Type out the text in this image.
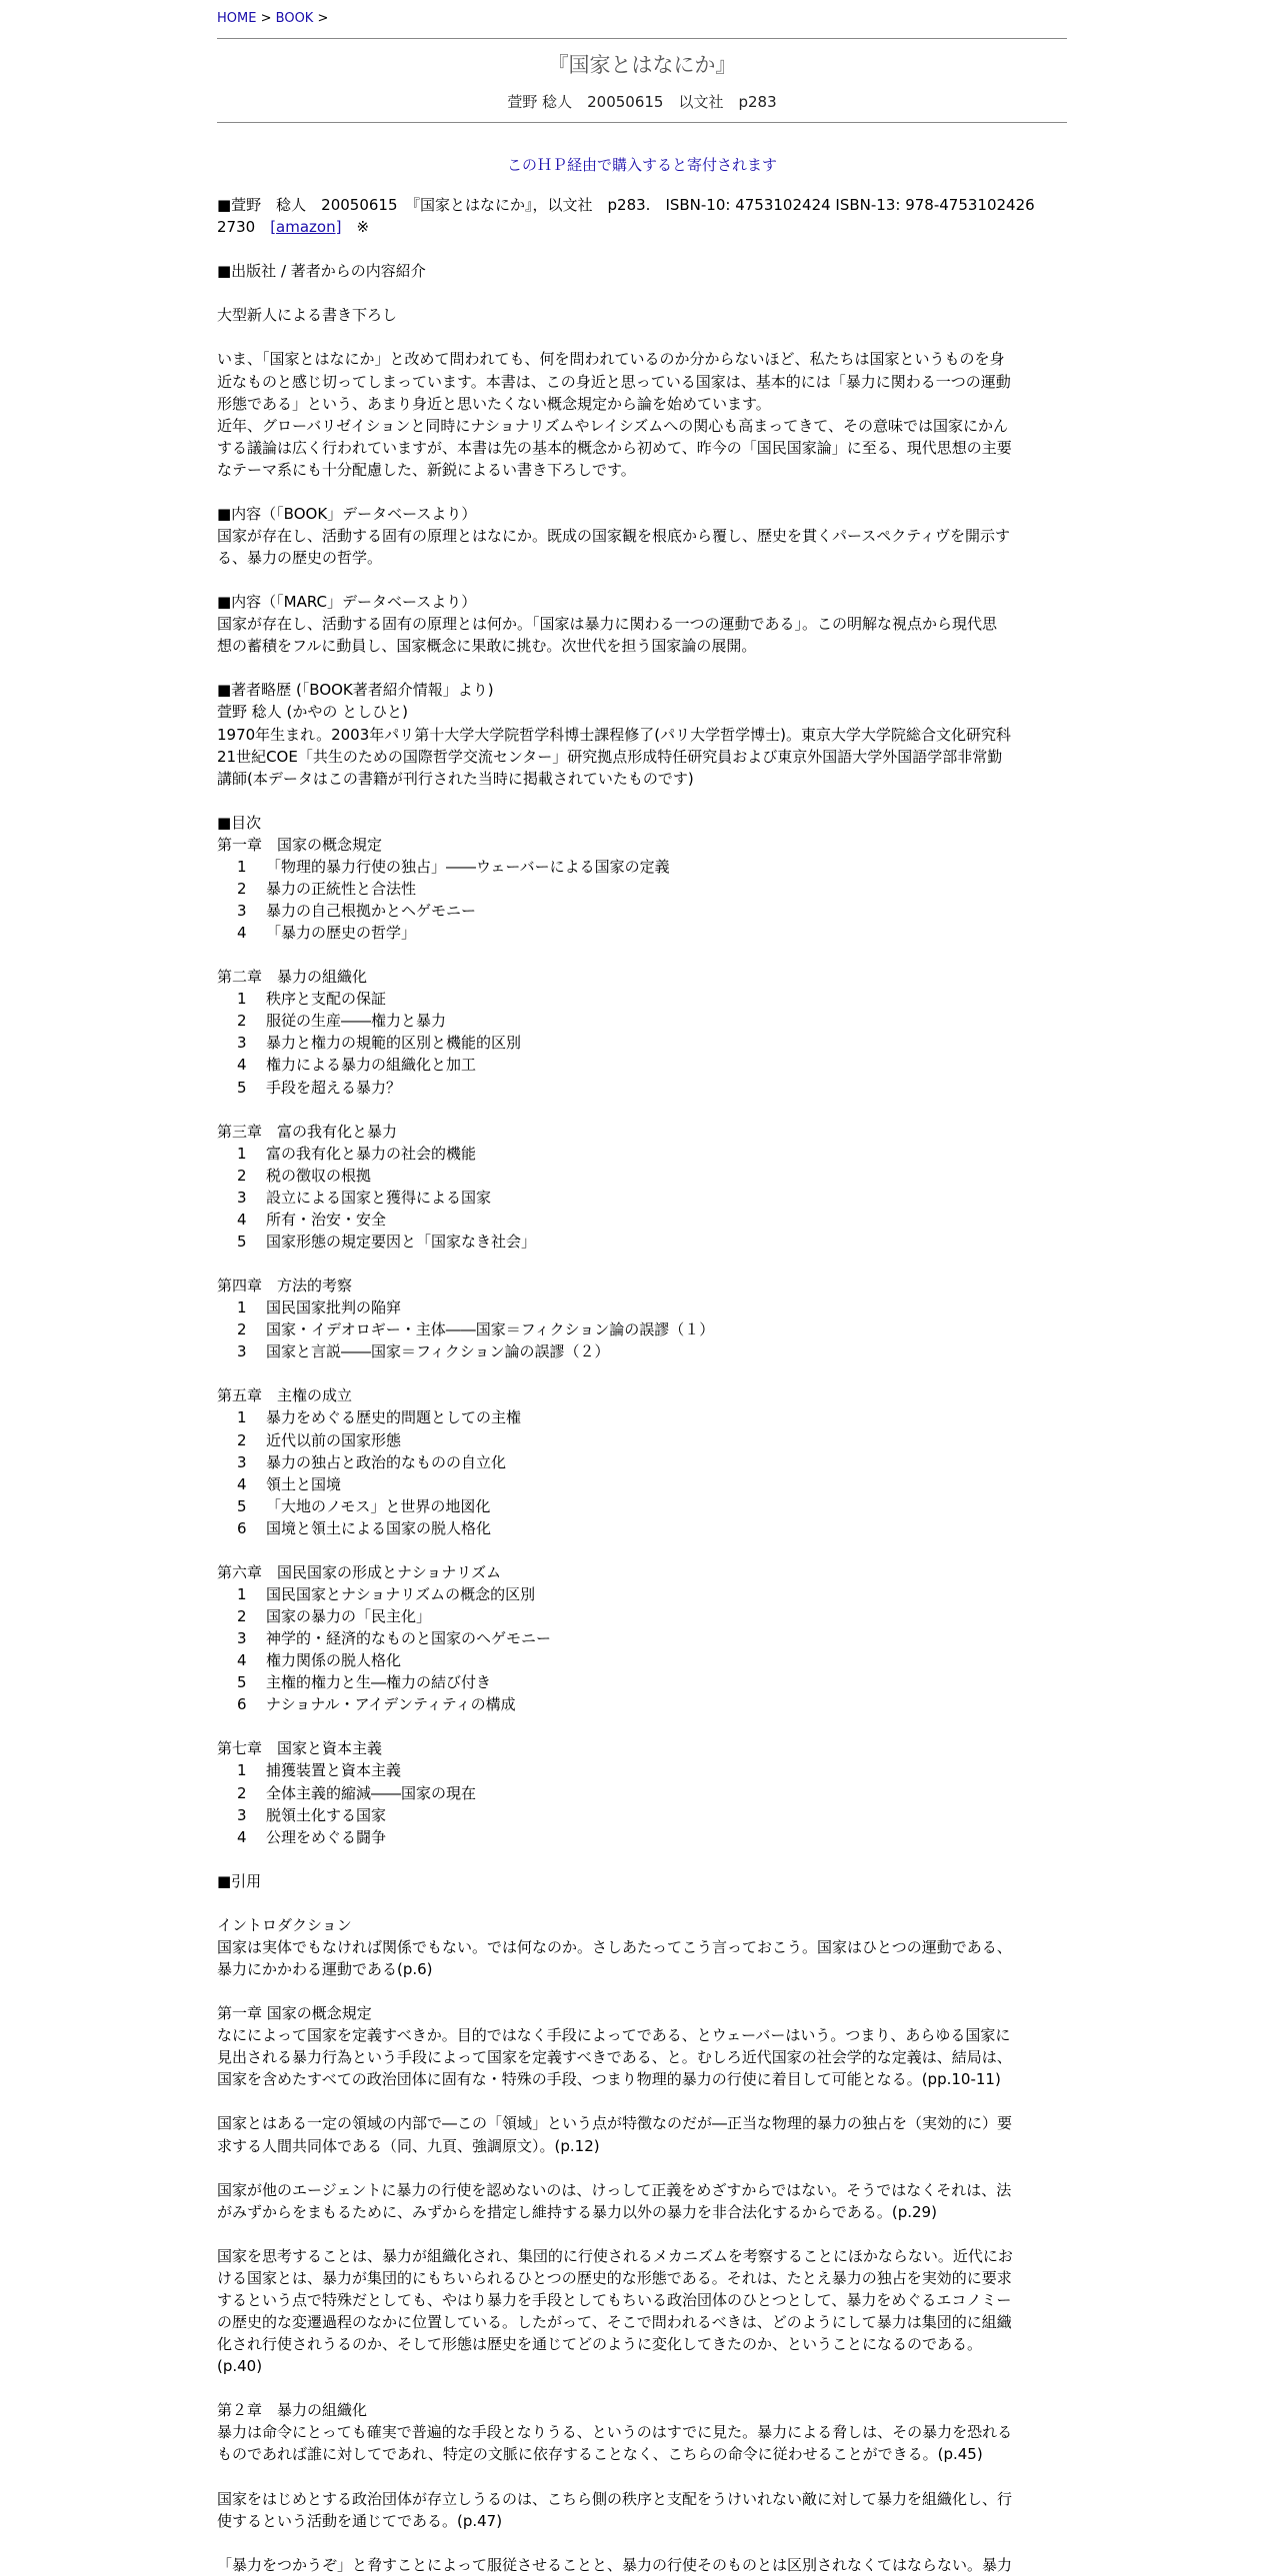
HOME > BOOK >
『国家とはなにか』
萱野 稔人　20050615　以文社　p283
このＨＰ経由で購入すると寄付されます
■萱野　稔人　20050615　『国家とはなにか』，以文社　p283.　ISBN-10: 4753102424 ISBN-13: 978-4753102426 2730　[amazon]　※
■出版社 / 著者からの内容紹介
大型新人による書き下ろし
いま、「国家とはなにか」と改めて問われても、何を問われているのか分からないほど、私たちは国家というものを身
近なものと感じ切ってしまっています。本書は、この身近と思っている国家は、基本的には「暴力に関わる一つの運動
形態である」という、あまり身近と思いたくない概念規定から論を始めています。
近年、グローバリゼイションと同時にナショナリズムやレイシズムへの関心も高まってきて、その意味では国家にかん
する議論は広く行われていますが、本書は先の基本的概念から初めて、昨今の「国民国家論」に至る、現代思想の主要
なテーマ系にも十分配慮した、新鋭によるい書き下ろしです。
■内容（「BOOK」データベースより）
国家が存在し、活動する固有の原理とはなにか。既成の国家観を根底から覆し、歴史を貫くパースペクティヴを開示す
る、暴力の歴史の哲学。
■内容（「MARC」データベースより）
国家が存在し、活動する固有の原理とは何か。「国家は暴力に関わる一つの運動である」。この明解な視点から現代思
想の蓄積をフルに動員し、国家概念に果敢に挑む。次世代を担う国家論の展開。
■著者略歴 (「BOOK著者紹介情報」より)
萱野 稔人 (かやの としひと)
1970年生まれ。2003年パリ第十大学大学院哲学科博士課程修了(パリ大学哲学博士)。東京大学大学院総合文化研究科
21世紀COE「共生のための国際哲学交流センター」研究拠点形成特任研究員および東京外国語大学外国語学部非常勤
講師(本データはこの書籍が刊行された当時に掲載されていたものです)
■目次
第一章　国家の概念規定
1 「物理的暴力行使の独占」――ウェーバーによる国家の定義
2 暴力の正統性と合法性
3 暴力の自己根拠かとヘゲモニー
4 「暴力の歴史の哲学」
第二章　暴力の組織化
1 秩序と支配の保証
2 服従の生産――権力と暴力
3 暴力と権力の規範的区別と機能的区別
4 権力による暴力の組織化と加工
5 手段を超える暴力？
第三章　富の我有化と暴力
1 富の我有化と暴力の社会的機能
2 税の徴収の根拠
3 設立による国家と獲得による国家
4 所有・治安・安全
5 国家形態の規定要因と「国家なき社会」
第四章　方法的考察
1 国民国家批判の陥穽
2 国家・イデオロギー・主体――国家＝フィクション論の誤謬（１）
3 国家と言説――国家＝フィクション論の誤謬（２）
第五章　主権の成立
1 暴力をめぐる歴史的問題としての主権
2 近代以前の国家形態
3 暴力の独占と政治的なものの自立化
4 領土と国境
5 「大地のノモス」と世界の地図化
6 国境と領土による国家の脱人格化
第六章　国民国家の形成とナショナリズム
1 国民国家とナショナリズムの概念的区別
2 国家の暴力の「民主化」
3 神学的・経済的なものと国家のヘゲモニー
4 権力関係の脱人格化
5 主権的権力と生―権力の結び付き
6 ナショナル・アイデンティティの構成
第七章　国家と資本主義
1 捕獲装置と資本主義
2 全体主義的縮減――国家の現在
3 脱領土化する国家
4 公理をめぐる闘争
■引用
イントロダクション
国家は実体でもなければ関係でもない。では何なのか。さしあたってこう言っておこう。国家はひとつの運動である、
暴力にかかわる運動である(p.6)
第一章 国家の概念規定
なにによって国家を定義すべきか。目的ではなく手段によってである、とウェーバーはいう。つまり、あらゆる国家に
見出される暴力行為という手段によって国家を定義すべきである、と。むしろ近代国家の社会学的な定義は、結局は、
国家を含めたすべての政治団体に固有な・特殊の手段、つまり物理的暴力の行使に着目して可能となる。(pp.10-11)
国家とはある一定の領域の内部で―この「領域」という点が特徴なのだが―正当な物理的暴力の独占を（実効的に）要
求する人間共同体である（同、九頁、強調原文）。(p.12)
国家が他のエージェントに暴力の行使を認めないのは、けっして正義をめざすからではない。そうではなくそれは、法
がみずからをまもるために、みずからを措定し維持する暴力以外の暴力を非合法化するからである。(p.29)
国家を思考することは、暴力が組織化され、集団的に行使されるメカニズムを考察することにほかならない。近代にお
ける国家とは、暴力が集団的にもちいられるひとつの歴史的な形態である。それは、たとえ暴力の独占を実効的に要求
するという点で特殊だとしても、やはり暴力を手段としてもちいる政治団体のひとつとして、暴力をめぐるエコノミー
の歴史的な変遷過程のなかに位置している。したがって、そこで問われるべきは、どのようにして暴力は集団的に組織
化され行使されうるのか、そして形態は歴史を通じてどのように変化してきたのか、ということになるのである。
(p.40)
第２章　暴力の組織化
暴力は命令にとっても確実で普遍的な手段となりうる、というのはすでに見た。暴力による脅しは、その暴力を恐れる
ものであれば誰に対してであれ、特定の文脈に依存することなく、こちらの命令に従わせることができる。(p.45)
国家をはじめとする政治団体が存立しうるのは、こちら側の秩序と支配をうけいれない敵に対して暴力を組織化し、行
使するという活動を通じてである。(p.47)
「暴力をつかうぞ」と脅すことによって服従させることと、暴力の行使そのものとは区別されなくてはならない。暴力
